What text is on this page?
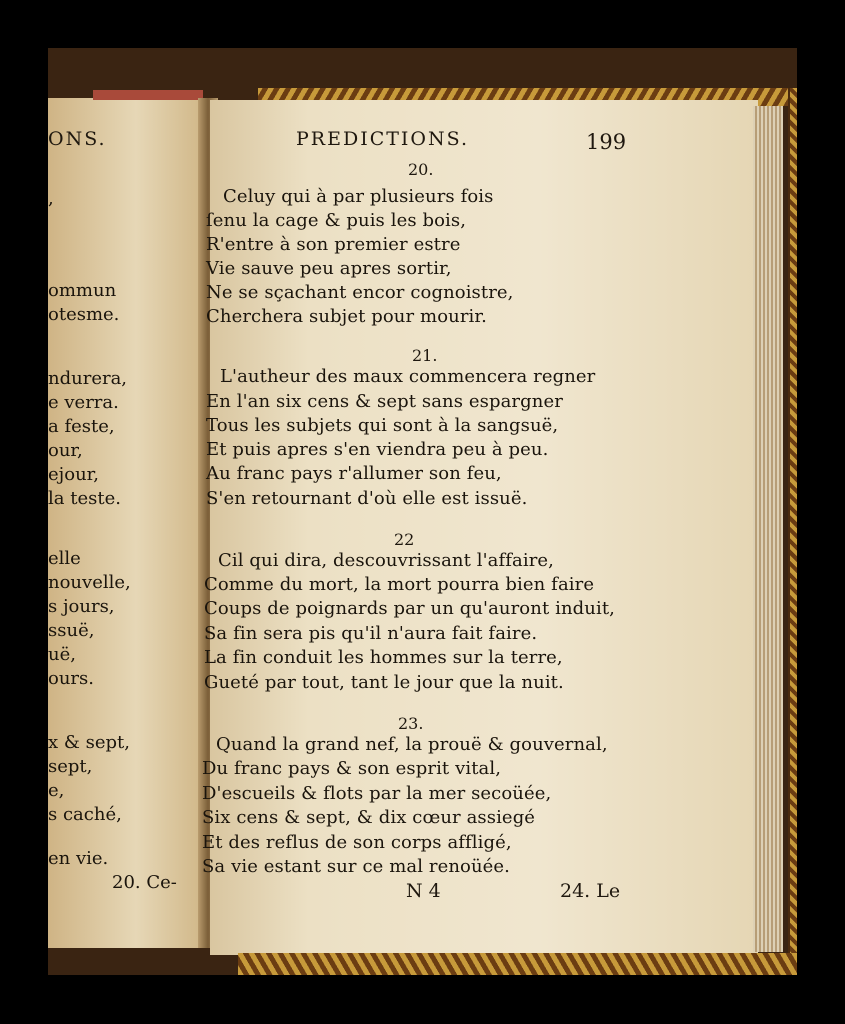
ONS.
,
ommun
otesme.
ndurera,
e verra.
a feste,
our,
ejour,
la teste.
elle
nouvelle,
s jours,
ssuë,
uë,
ours.
x & sept,
sept,
e,
s caché,
en vie.
20. Ce-
PREDICTIONS.	199
20.
Celuy qui à par plusieurs fois
ſenu la cage & puis les bois,
R'entre à son premier estre
Vie sauve peu apres sortir,
Ne se sçachant encor cognoistre,
Cherchera subjet pour mourir.
21.
L'autheur des maux commencera regner
En l'an six cens & sept sans espargner
Tous les subjets qui sont à la sangsuë,
Et puis apres s'en viendra peu à peu.
Au franc pays r'allumer son feu,
S'en retournant d'où elle est issuë.
22
Cil qui dira, descouvrissant l'affaire,
Comme du mort, la mort pourra bien faire
Coups de poignards par un qu'auront induit,
Sa fin sera pis qu'il n'aura fait faire.
La fin conduit les hommes sur la terre,
Gueté par tout, tant le jour que la nuit.
23.
Quand la grand nef, la prouë & gouvernal,
Du franc pays & son esprit vital,
D'escueils & flots par la mer secoüée,
Six cens & sept, & dix cœur assiegé
Et des reflus de son corps affligé,
Sa vie estant sur ce mal renoüée.
N 4	24. Le
